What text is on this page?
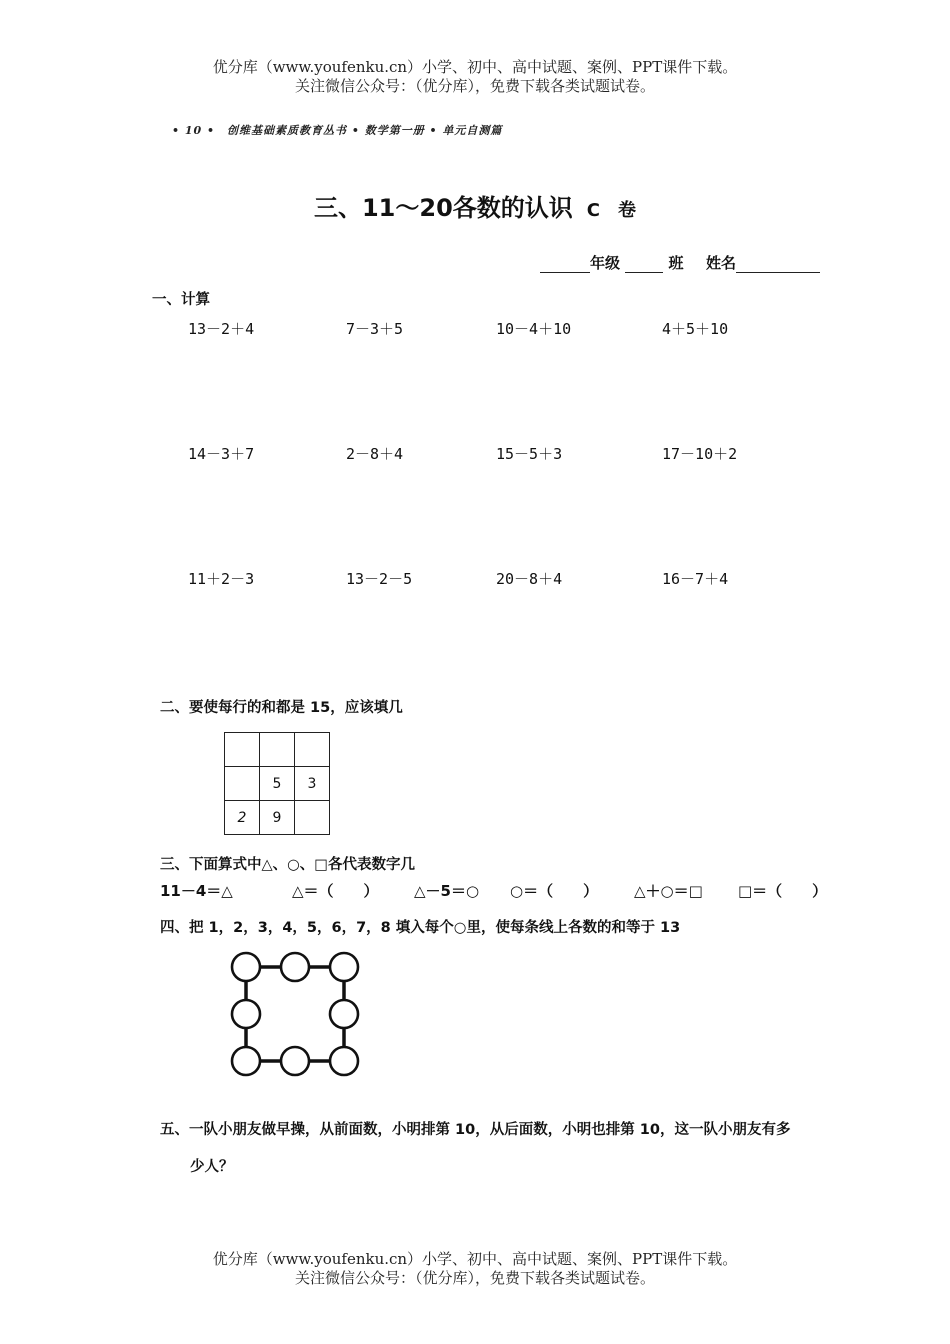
优分库（www.youfenku.cn）小学、初中、高中试题、案例、PPT课件下载。
关注微信公众号：（优分库），免费下载各类试题试卷。
• 10 •　创维基础素质教育丛书 • 数学第一册 • 单元自测篇
三、11～20各数的认识 C　卷
年级	班 姓名
一、计算
13－2＋4	7－3＋5	10－4＋10	4＋5＋10
14－3＋7	2－8＋4	15－5＋3	17－10＋2
11＋2－3	13－2－5	20－8＋4	16－7＋4
二、要使每行的和都是 15，应该填几

	5	3
2	9	
三、下面算式中△、○、□各代表数字几
11－4＝△	△＝（　　） △－5＝○ ○＝（　　） △＋○＝□ □＝（　　）
四、把 1，2，3，4，5，6，7，8 填入每个○里，使每条线上各数的和等于 13
五、一队小朋友做早操，从前面数，小明排第 10，从后面数，小明也排第 10，这一队小朋友有多
少人？
优分库（www.youfenku.cn）小学、初中、高中试题、案例、PPT课件下载。
关注微信公众号：（优分库），免费下载各类试题试卷。
